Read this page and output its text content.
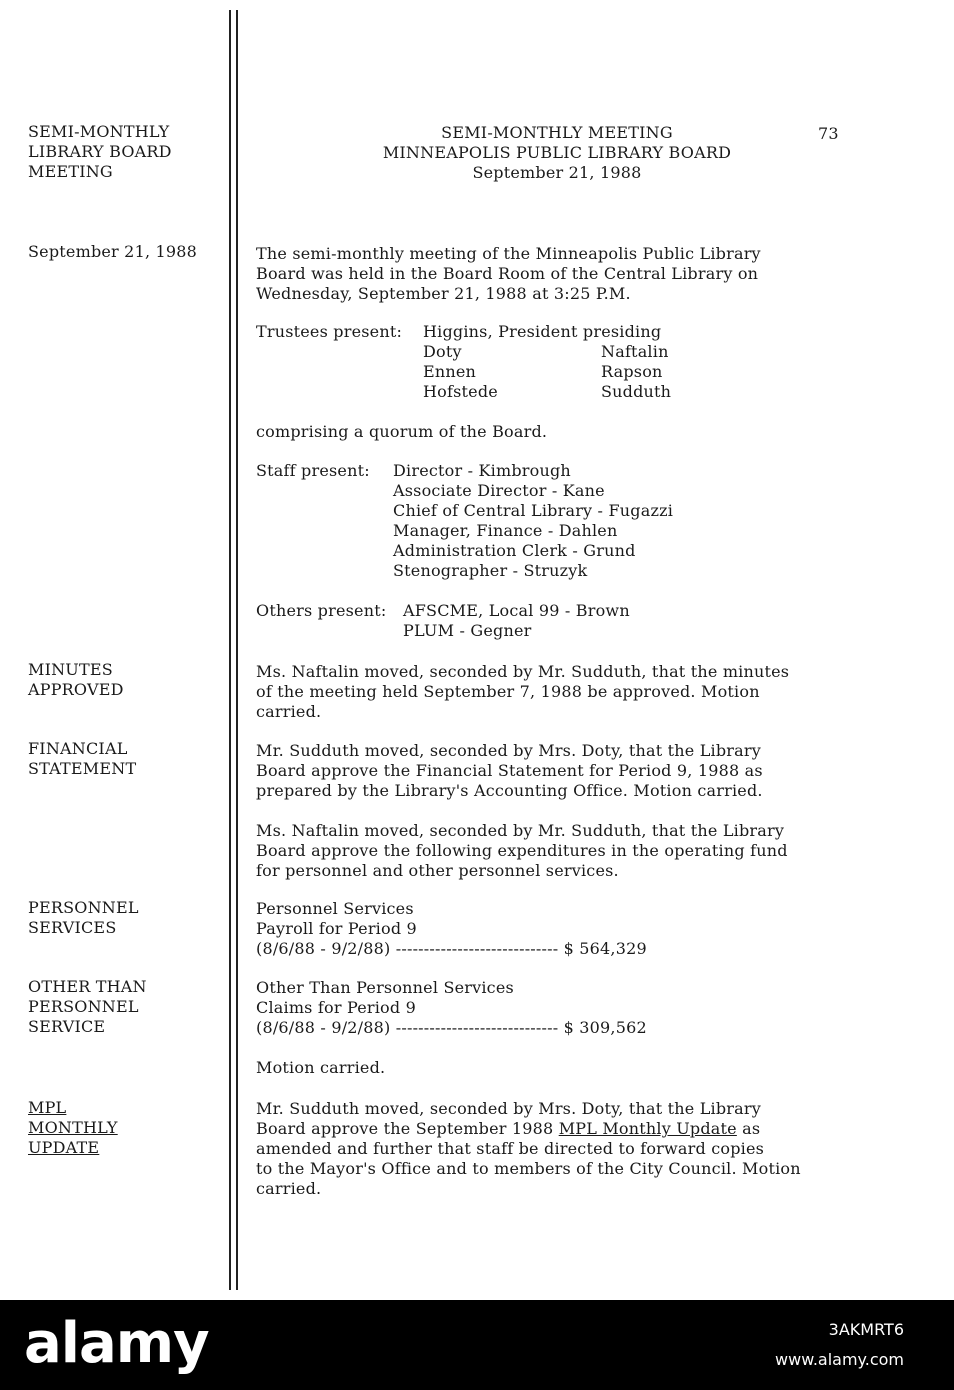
SEMI-MONTHLY
LIBRARY BOARD
MEETING
September 21, 1988
MINUTES
APPROVED
FINANCIAL
STATEMENT
PERSONNEL
SERVICES
OTHER THAN
PERSONNEL
SERVICE
MPL
MONTHLY
UPDATE
SEMI-MONTHLY MEETING
MINNEAPOLIS PUBLIC LIBRARY BOARD
September 21, 1988
73
The semi-monthly meeting of the Minneapolis Public Library
Board was held in the Board Room of the Central Library on
Wednesday, September 21, 1988 at 3:25 P.M.
Trustees present: Higgins, President presiding
Doty
Ennen
Hofstede
Naftalin
Rapson
Sudduth
comprising a quorum of the Board.
Staff present: Director - Kimbrough
Associate Director - Kane
Chief of Central Library - Fugazzi
Manager, Finance - Dahlen
Administration Clerk - Grund
Stenographer - Struzyk
Others present: AFSCME, Local 99 - Brown
PLUM - Gegner
Ms. Naftalin moved, seconded by Mr. Sudduth, that the minutes
of the meeting held September 7, 1988 be approved. Motion
carried.
Mr. Sudduth moved, seconded by Mrs. Doty, that the Library
Board approve the Financial Statement for Period 9, 1988 as
prepared by the Library's Accounting Office. Motion carried.
Ms. Naftalin moved, seconded by Mr. Sudduth, that the Library
Board approve the following expenditures in the operating fund
for personnel and other personnel services.
Personnel Services
Payroll for Period 9
(8/6/88 - 9/2/88) ----------------------------- $ 564,329
Other Than Personnel Services
Claims for Period 9
(8/6/88 - 9/2/88) ----------------------------- $ 309,562
Motion carried.
Mr. Sudduth moved, seconded by Mrs. Doty, that the Library
Board approve the September 1988 MPL Monthly Update as
amended and further that staff be directed to forward copies
to the Mayor's Office and to members of the City Council. Motion
carried.
alamy	3AKMRT6
www.alamy.com
